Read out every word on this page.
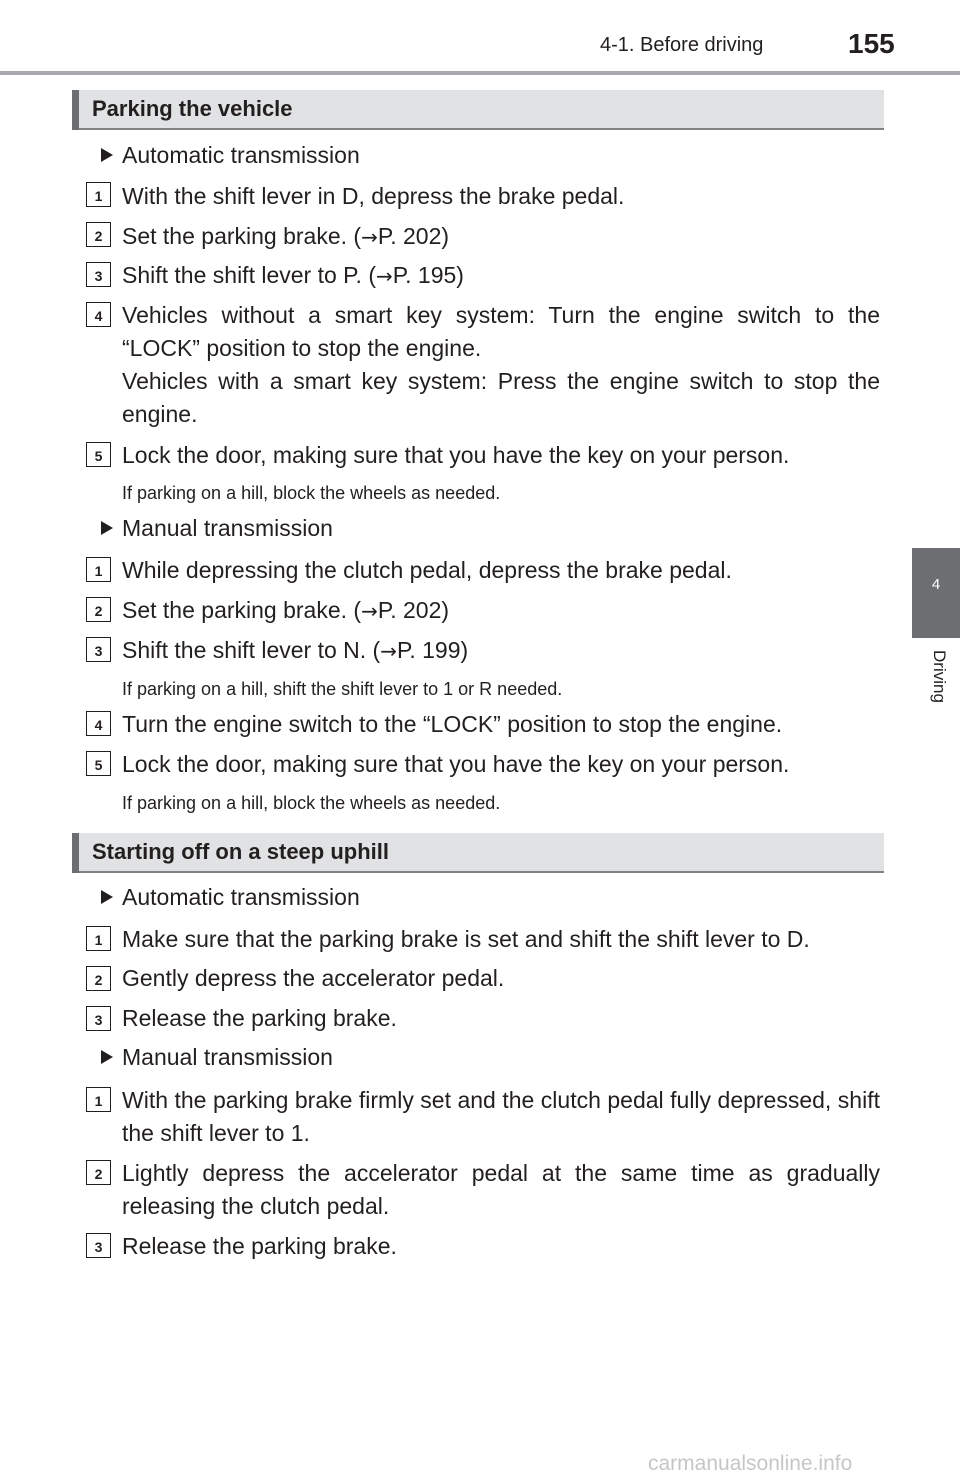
4-1. Before driving	155
4
Driving
Parking the vehicle
Automatic transmission
1 With the shift lever in D, depress the brake pedal.
2 Set the parking brake. (→P. 202)
3 Shift the shift lever to P. (→P. 195)
4 Vehicles without a smart key system: Turn the engine switch to the “LOCK” position to stop the engine.
Vehicles with a smart key system: Press the engine switch to stop the engine.
5 Lock the door, making sure that you have the key on your person.
If parking on a hill, block the wheels as needed.
Manual transmission
1 While depressing the clutch pedal, depress the brake pedal.
2 Set the parking brake. (→P. 202)
3 Shift the shift lever to N. (→P. 199)
If parking on a hill, shift the shift lever to 1 or R needed.
4 Turn the engine switch to the “LOCK” position to stop the engine.
5 Lock the door, making sure that you have the key on your person.
If parking on a hill, block the wheels as needed.
Starting off on a steep uphill
Automatic transmission
1 Make sure that the parking brake is set and shift the shift lever to D.
2 Gently depress the accelerator pedal.
3 Release the parking brake.
Manual transmission
1 With the parking brake firmly set and the clutch pedal fully depressed, shift the shift lever to 1.
2 Lightly depress the accelerator pedal at the same time as gradually releasing the clutch pedal.
3 Release the parking brake.
carmanualsonline.info
